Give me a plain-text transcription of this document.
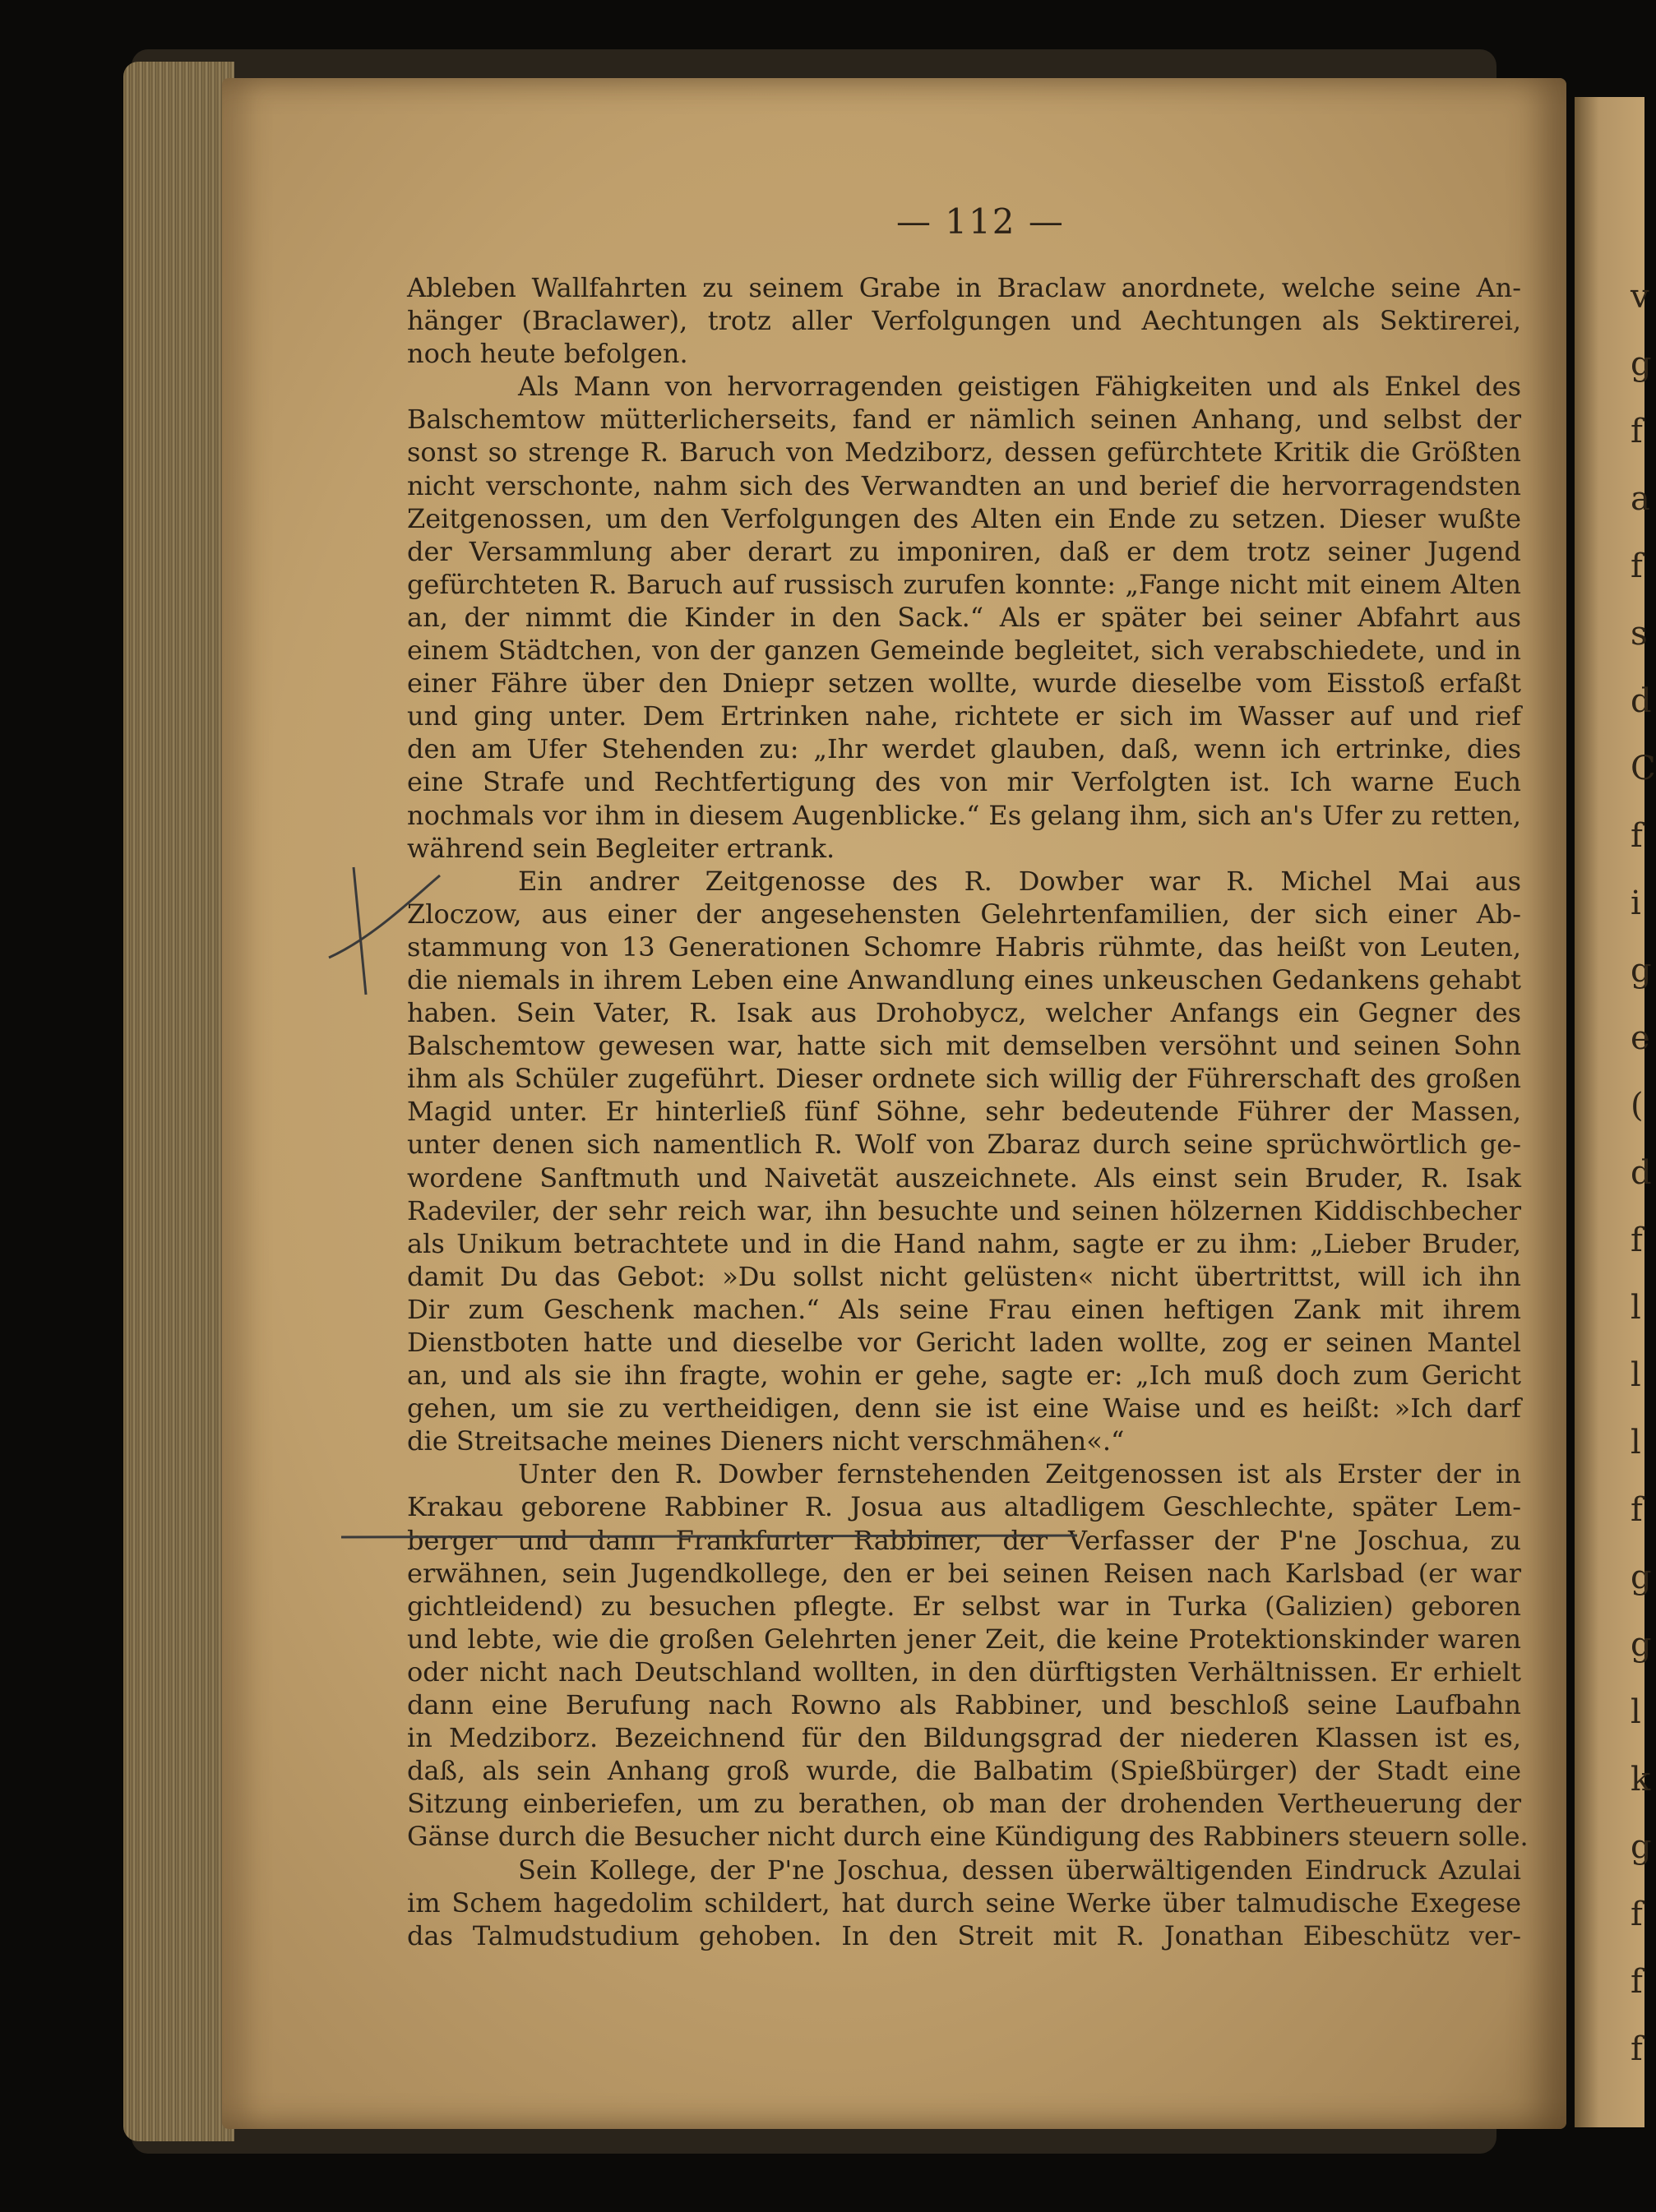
v
g
f
a
f
s
d
C
f
i
g
e
(
d
f
l
l
l
f
g
g
l
k
g
f
f
f
— 112 —
Ableben Wallfahrten zu seinem Grabe in Braclaw anordnete, welche seine An-
hänger (Braclawer), trotz aller Verfolgungen und Aechtungen als Sektirerei,
noch heute befolgen.
Als Mann von hervorragenden geistigen Fähigkeiten und als Enkel des
Balschemtow mütterlicherseits, fand er nämlich seinen Anhang, und selbst der
sonst so strenge R. Baruch von Medziborz, dessen gefürchtete Kritik die Größten
nicht verschonte, nahm sich des Verwandten an und berief die hervorragendsten
Zeitgenossen, um den Verfolgungen des Alten ein Ende zu setzen. Dieser wußte
der Versammlung aber derart zu imponiren, daß er dem trotz seiner Jugend
gefürchteten R. Baruch auf russisch zurufen konnte: „Fange nicht mit einem Alten
an, der nimmt die Kinder in den Sack.“ Als er später bei seiner Abfahrt aus
einem Städtchen, von der ganzen Gemeinde begleitet, sich verabschiedete, und in
einer Fähre über den Dniepr setzen wollte, wurde dieselbe vom Eisstoß erfaßt
und ging unter. Dem Ertrinken nahe, richtete er sich im Wasser auf und rief
den am Ufer Stehenden zu: „Ihr werdet glauben, daß, wenn ich ertrinke, dies
eine Strafe und Rechtfertigung des von mir Verfolgten ist. Ich warne Euch
nochmals vor ihm in diesem Augenblicke.“ Es gelang ihm, sich an's Ufer zu retten,
während sein Begleiter ertrank.
Ein andrer Zeitgenosse des R. Dowber war R. Michel Mai aus
Zloczow, aus einer der angesehensten Gelehrtenfamilien, der sich einer Ab-
stammung von 13 Generationen Schomre Habris rühmte, das heißt von Leuten,
die niemals in ihrem Leben eine Anwandlung eines unkeuschen Gedankens gehabt
haben. Sein Vater, R. Isak aus Drohobycz, welcher Anfangs ein Gegner des
Balschemtow gewesen war, hatte sich mit demselben versöhnt und seinen Sohn
ihm als Schüler zugeführt. Dieser ordnete sich willig der Führerschaft des großen
Magid unter. Er hinterließ fünf Söhne, sehr bedeutende Führer der Massen,
unter denen sich namentlich R. Wolf von Zbaraz durch seine sprüchwörtlich ge-
wordene Sanftmuth und Naivetät auszeichnete. Als einst sein Bruder, R. Isak
Radeviler, der sehr reich war, ihn besuchte und seinen hölzernen Kiddischbecher
als Unikum betrachtete und in die Hand nahm, sagte er zu ihm: „Lieber Bruder,
damit Du das Gebot: »Du sollst nicht gelüsten« nicht übertrittst, will ich ihn
Dir zum Geschenk machen.“ Als seine Frau einen heftigen Zank mit ihrem
Dienstboten hatte und dieselbe vor Gericht laden wollte, zog er seinen Mantel
an, und als sie ihn fragte, wohin er gehe, sagte er: „Ich muß doch zum Gericht
gehen, um sie zu vertheidigen, denn sie ist eine Waise und es heißt: »Ich darf
die Streitsache meines Dieners nicht verschmähen«.“
Unter den R. Dowber fernstehenden Zeitgenossen ist als Erster der in
Krakau geborene Rabbiner R. Josua aus altadligem Geschlechte, später Lem-
berger und dann Frankfurter Rabbiner, der Verfasser der P'ne Joschua, zu
erwähnen, sein Jugendkollege, den er bei seinen Reisen nach Karlsbad (er war
gichtleidend) zu besuchen pflegte. Er selbst war in Turka (Galizien) geboren
und lebte, wie die großen Gelehrten jener Zeit, die keine Protektionskinder waren
oder nicht nach Deutschland wollten, in den dürftigsten Verhältnissen. Er erhielt
dann eine Berufung nach Rowno als Rabbiner, und beschloß seine Laufbahn
in Medziborz. Bezeichnend für den Bildungsgrad der niederen Klassen ist es,
daß, als sein Anhang groß wurde, die Balbatim (Spießbürger) der Stadt eine
Sitzung einberiefen, um zu berathen, ob man der drohenden Vertheuerung der
Gänse durch die Besucher nicht durch eine Kündigung des Rabbiners steuern solle.
Sein Kollege, der P'ne Joschua, dessen überwältigenden Eindruck Azulai
im Schem hagedolim schildert, hat durch seine Werke über talmudische Exegese
das Talmudstudium gehoben. In den Streit mit R. Jonathan Eibeschütz ver-
